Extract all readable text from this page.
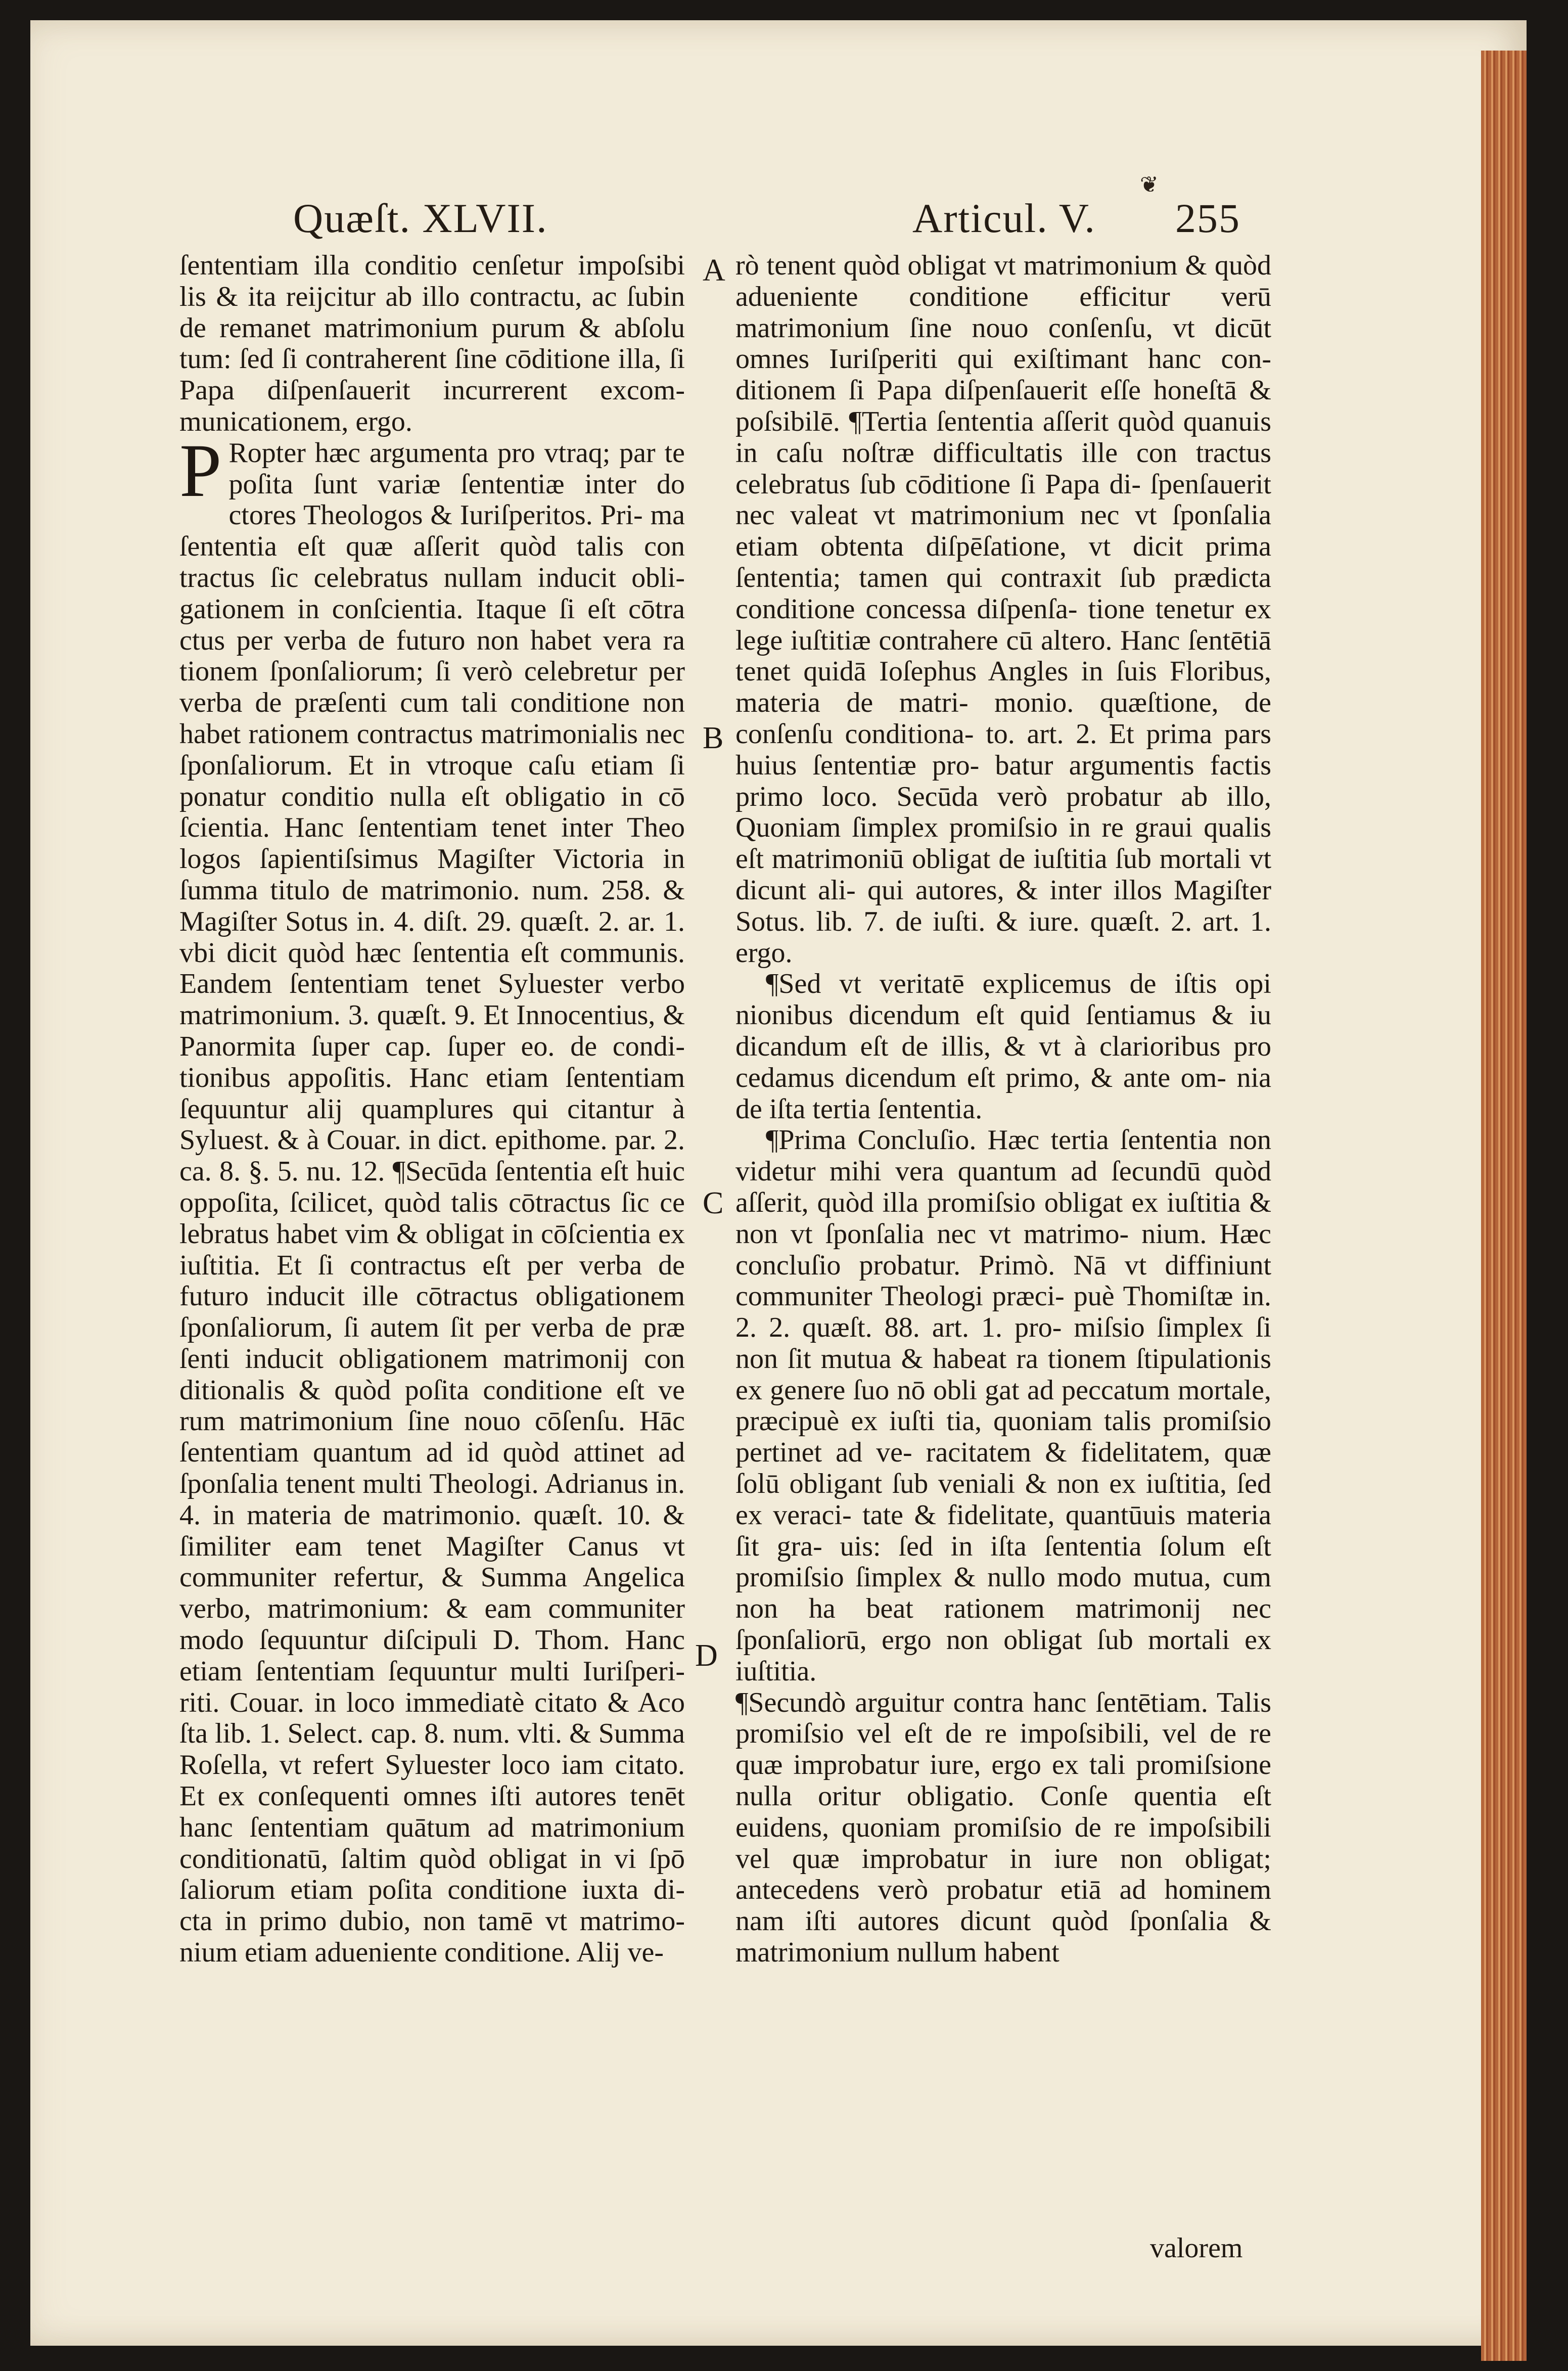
❦
Quæſt. XLVII.	Articul. V. 255

ſententiam illa conditio cenſetur impoſsibi lis & ita reijcitur ab illo contractu, ac ſubin de remanet matrimonium purum & abſolu tum: ſed ſi contraherent ſine cōditione illa, ſi Papa diſpenſauerit incurrerent excom- municationem, ergo.

P Ropter hæc argumenta pro vtraq; par te poſita ſunt variæ ſententiæ inter do ctores Theologos & Iuriſperitos. Pri- ma ſententia eſt quæ aſſerit quòd talis con tractus ſic celebratus nullam inducit obli- gationem in conſcientia. Itaque ſi eſt cōtra ctus per verba de futuro non habet vera ra tionem ſponſaliorum; ſi verò celebretur per verba de præſenti cum tali conditione non habet rationem contractus matrimonialis nec ſponſaliorum. Et in vtroque caſu etiam ſi ponatur conditio nulla eſt obligatio in cō ſcientia. Hanc ſententiam tenet inter Theo logos ſapientiſsimus Magiſter Victoria in ſumma titulo de matrimonio. num. 258. & Magiſter Sotus in. 4. diſt. 29. quæſt. 2. ar. 1. vbi dicit quòd hæc ſententia eſt communis. Eandem ſententiam tenet Syluester verbo matrimonium. 3. quæſt. 9. Et Innocentius, & Panormita ſuper cap. ſuper eo. de condi- tionibus appoſitis. Hanc etiam ſententiam ſequuntur alij quamplures qui citantur à Syluest. & à Couar. in dict. epithome. par. 2. ca. 8. §. 5. nu. 12. ¶Secūda ſententia eſt huic oppoſita, ſcilicet, quòd talis cōtractus ſic ce lebratus habet vim & obligat in cōſcientia ex iuſtitia. Et ſi contractus eſt per verba de futuro inducit ille cōtractus obligationem ſponſaliorum, ſi autem ſit per verba de præ ſenti inducit obligationem matrimonij con ditionalis & quòd poſita conditione eſt ve rum matrimonium ſine nouo cōſenſu. Hāc ſententiam quantum ad id quòd attinet ad ſponſalia tenent multi Theologi. Adrianus in. 4. in materia de matrimonio. quæſt. 10. & ſimiliter eam tenet Magiſter Canus vt communiter refertur, & Summa Angelica verbo, matrimonium: & eam communiter modo ſequuntur diſcipuli D. Thom. Hanc etiam ſententiam ſequuntur multi Iuriſperi- riti. Couar. in loco immediatè citato & Aco ſta lib. 1. Select. cap. 8. num. vlti. & Summa Roſella, vt refert Syluester loco iam citato. Et ex conſequenti omnes iſti autores tenēt hanc ſententiam quātum ad matrimonium conditionatū, ſaltim quòd obligat in vi ſpō ſaliorum etiam poſita conditione iuxta di- cta in primo dubio, non tamē vt matrimo- nium etiam adueniente conditione. Alij ve-

A
B
C
D

rò tenent quòd obligat vt matrimonium & quòd adueniente conditione efficitur verū matrimonium ſine nouo conſenſu, vt dicūt omnes Iuriſperiti qui exiſtimant hanc con- ditionem ſi Papa diſpenſauerit eſſe honeſtā & poſsibilē. ¶Tertia ſententia aſſerit quòd quanuis in caſu noſtræ difficultatis ille con tractus celebratus ſub cōditione ſi Papa di- ſpenſauerit nec valeat vt matrimonium nec vt ſponſalia etiam obtenta diſpēſatione, vt dicit prima ſententia; tamen qui contraxit ſub prædicta conditione concessa diſpenſa- tione tenetur ex lege iuſtitiæ contrahere cū altero. Hanc ſentētiā tenet quidā Ioſephus Angles in ſuis Floribus, materia de matri- monio. quæſtione, de conſenſu conditiona- to. art. 2. Et prima pars huius ſententiæ pro- batur argumentis factis primo loco. Secūda verò probatur ab illo, Quoniam ſimplex promiſsio in re graui qualis eſt matrimoniū obligat de iuſtitia ſub mortali vt dicunt ali- qui autores, & inter illos Magiſter Sotus. lib. 7. de iuſti. & iure. quæſt. 2. art. 1. ergo.

¶Sed vt veritatē explicemus de iſtis opi nionibus dicendum eſt quid ſentiamus & iu dicandum eſt de illis, & vt à clarioribus pro cedamus dicendum eſt primo, & ante om- nia de iſta tertia ſententia.

¶Prima Concluſio. Hæc tertia ſententia non videtur mihi vera quantum ad ſecundū quòd aſſerit, quòd illa promiſsio obligat ex iuſtitia & non vt ſponſalia nec vt matrimo- nium. Hæc concluſio probatur. Primò. Nā vt diffiniunt communiter Theologi præci- puè Thomiſtæ in. 2. 2. quæſt. 88. art. 1. pro- miſsio ſimplex ſi non ſit mutua & habeat ra tionem ſtipulationis ex genere ſuo nō obli gat ad peccatum mortale, præcipuè ex iuſti tia, quoniam talis promiſsio pertinet ad ve- racitatem & fidelitatem, quæ ſolū obligant ſub veniali & non ex iuſtitia, ſed ex veraci- tate & fidelitate, quantūuis materia ſit gra- uis: ſed in iſta ſententia ſolum eſt promiſsio ſimplex & nullo modo mutua, cum non ha beat rationem matrimonij nec ſponſaliorū, ergo non obligat ſub mortali ex iuſtitia.

¶Secundò arguitur contra hanc ſentētiam. Talis promiſsio vel eſt de re impoſsibili, vel de re quæ improbatur iure, ergo ex tali promiſsione nulla oritur obligatio. Conſe quentia eſt euidens, quoniam promiſsio de re impoſsibili vel quæ improbatur in iure non obligat; antecedens verò probatur etiā ad hominem nam iſti autores dicunt quòd ſponſalia & matrimonium nullum habent

valorem
